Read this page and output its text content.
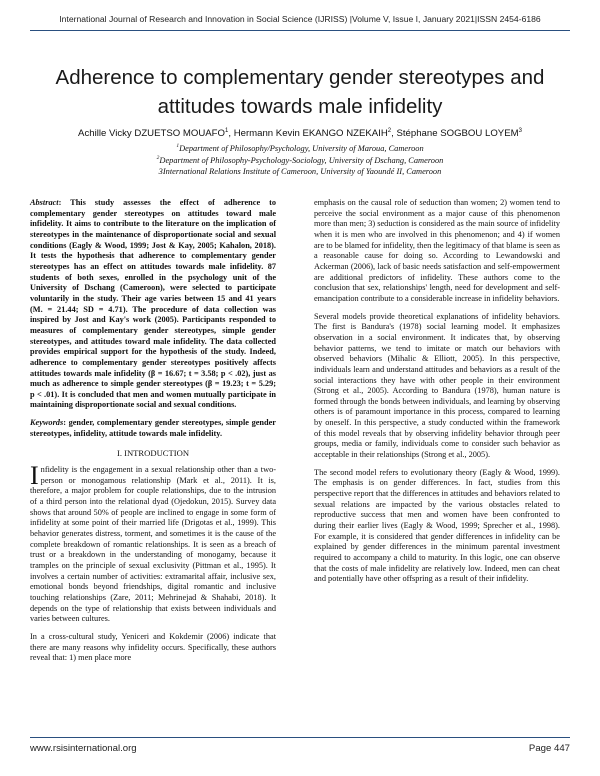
International Journal of Research and Innovation in Social Science (IJRISS) |Volume V, Issue I, January 2021|ISSN 2454-6186
Adherence to complementary gender stereotypes and attitudes towards male infidelity
Achille Vicky DZUETSO MOUAFO$^1$, Hermann Kevin EKANGO NZEKAIH$^2$, Stéphane SOGBOU LOYEM$^3$
$^1$Department of Philosophy/Psychology, University of Maroua, Cameroon
$^2$Department of Philosophy-Psychology-Sociology, University of Dschang, Cameroon
3International Relations Institute of Cameroon, University of Yaoundé II, Cameroon

Abstract: This study assesses the effect of adherence to complementary gender stereotypes on attitudes toward male infidelity. It aims to contribute to the literature on the implication of stereotypes in the maintenance of disproportionate social and sexual conditions (Eagly & Wood, 1999; Jost & Kay, 2005; Kahalon, 2018). It tests the hypothesis that adherence to complementary gender stereotypes has an effect on attitudes towards male infidelity. 87 students of both sexes, enrolled in the psychology unit of the University of Dschang (Cameroon), were selected to participate voluntarily in the study. Their age varies between 15 and 41 years (M. = 21.44; SD = 4.71). The procedure of data collection was inspired by Jost and Kay's work (2005). Participants responded to measures of complementary gender stereotypes, simple gender stereotypes, and attitudes toward male infidelity. The data collected provides empirical support for the hypothesis of the study. Indeed, adherence to complementary gender stereotypes positively affects attitudes towards male infidelity (β = 16.67; t = 3.58; p < .02), just as much as adherence to simple gender stereotypes (β = 19.23; t = 5.29; p < .01). It is concluded that men and women mutually participate in maintaining disproportionate social and sexual conditions.

Keywords: gender, complementary gender stereotypes, simple gender stereotypes, infidelity, attitude towards male infidelity.

I. INTRODUCTION

Infidelity is the engagement in a sexual relationship other than a two-person or monogamous relationship (Mark et al., 2011). It is, therefore, a major problem for couple relationships, due to the intrusion of a third person into the relational dyad (Ojedokun, 2015). Survey data shows that around 50% of people are inclined to engage in some form of infidelity at some point of their married life (Drigotas et al., 1999). This behavior generates distress, torment, and sometimes it is the cause of the complete breakdown of romantic relationships. It is seen as a breach of trust or a breakdown in the understanding of monogamy, because it tramples on the principle of sexual exclusivity (Pittman et al., 1995). It involves a certain number of activities: extramarital affair, inclusive sex, emotional bonds beyond friendships, digital romantic and inclusive touching relationships (Zare, 2011; Mehrinejad & Shahabi, 2018). It depends on the type of relationship that exists between individuals and varies between cultures.

In a cross-cultural study, Yeniceri and Kokdemir (2006) indicate that there are many reasons why infidelity occurs. Specifically, these authors reveal that: 1) men place more

emphasis on the causal role of seduction than women; 2) women tend to perceive the social environment as a major cause of this phenomenon more than men; 3) seduction is considered as the main source of infidelity when it is men who are involved in this phenomenon; and 4) if women are to be blamed for infidelity, then the legitimacy of that blame is seen as a reasonable cause for doing so. According to Lewandowski and Ackerman (2006), lack of basic needs satisfaction and self-empowerment are additional predictors of infidelity. These authors come to the conclusion that sex, relationships' length, need for development and self-emancipation contribute to a considerable increase in infidelity behaviors.

Several models provide theoretical explanations of infidelity behaviors. The first is Bandura's (1978) social learning model. It emphasizes observation in a social environment. It indicates that, by observing behavior patterns, we tend to imitate or match our behaviors with observed behaviors (Mihalic & Elliott, 2005). In this perspective, individuals learn and understand attitudes and behaviors as a result of the social interactions they have with other people in their environment (Strong et al., 2005). According to Bandura (1978), human nature is formed through the bonds between individuals, and learning by observing others is of paramount importance in this process, compared to learning by oneself. In this perspective, a study conducted within the framework of this model reveals that by observing infidelity behavior through peer groups, media or family, individuals come to consider such behavior as acceptable in their relationships (Strong et al., 2005).

The second model refers to evolutionary theory (Eagly & Wood, 1999). The emphasis is on gender differences. In fact, studies from this perspective report that the differences in attitudes and behaviors related to sexual relations are impacted by the various obstacles related to reproductive success that men and women have been confronted to during their earlier lives (Eagly & Wood, 1999; Sprecher et al., 1998). For example, it is considered that gender differences in infidelity can be explained by gender differences in the minimum parental investment required to accompany a child to maturity. In this logic, one can observe that the costs of male infidelity are relatively low. Indeed, men can cheat and potentially have other offspring as a result of their infidelity.

www.rsisinternational.org	Page 447
